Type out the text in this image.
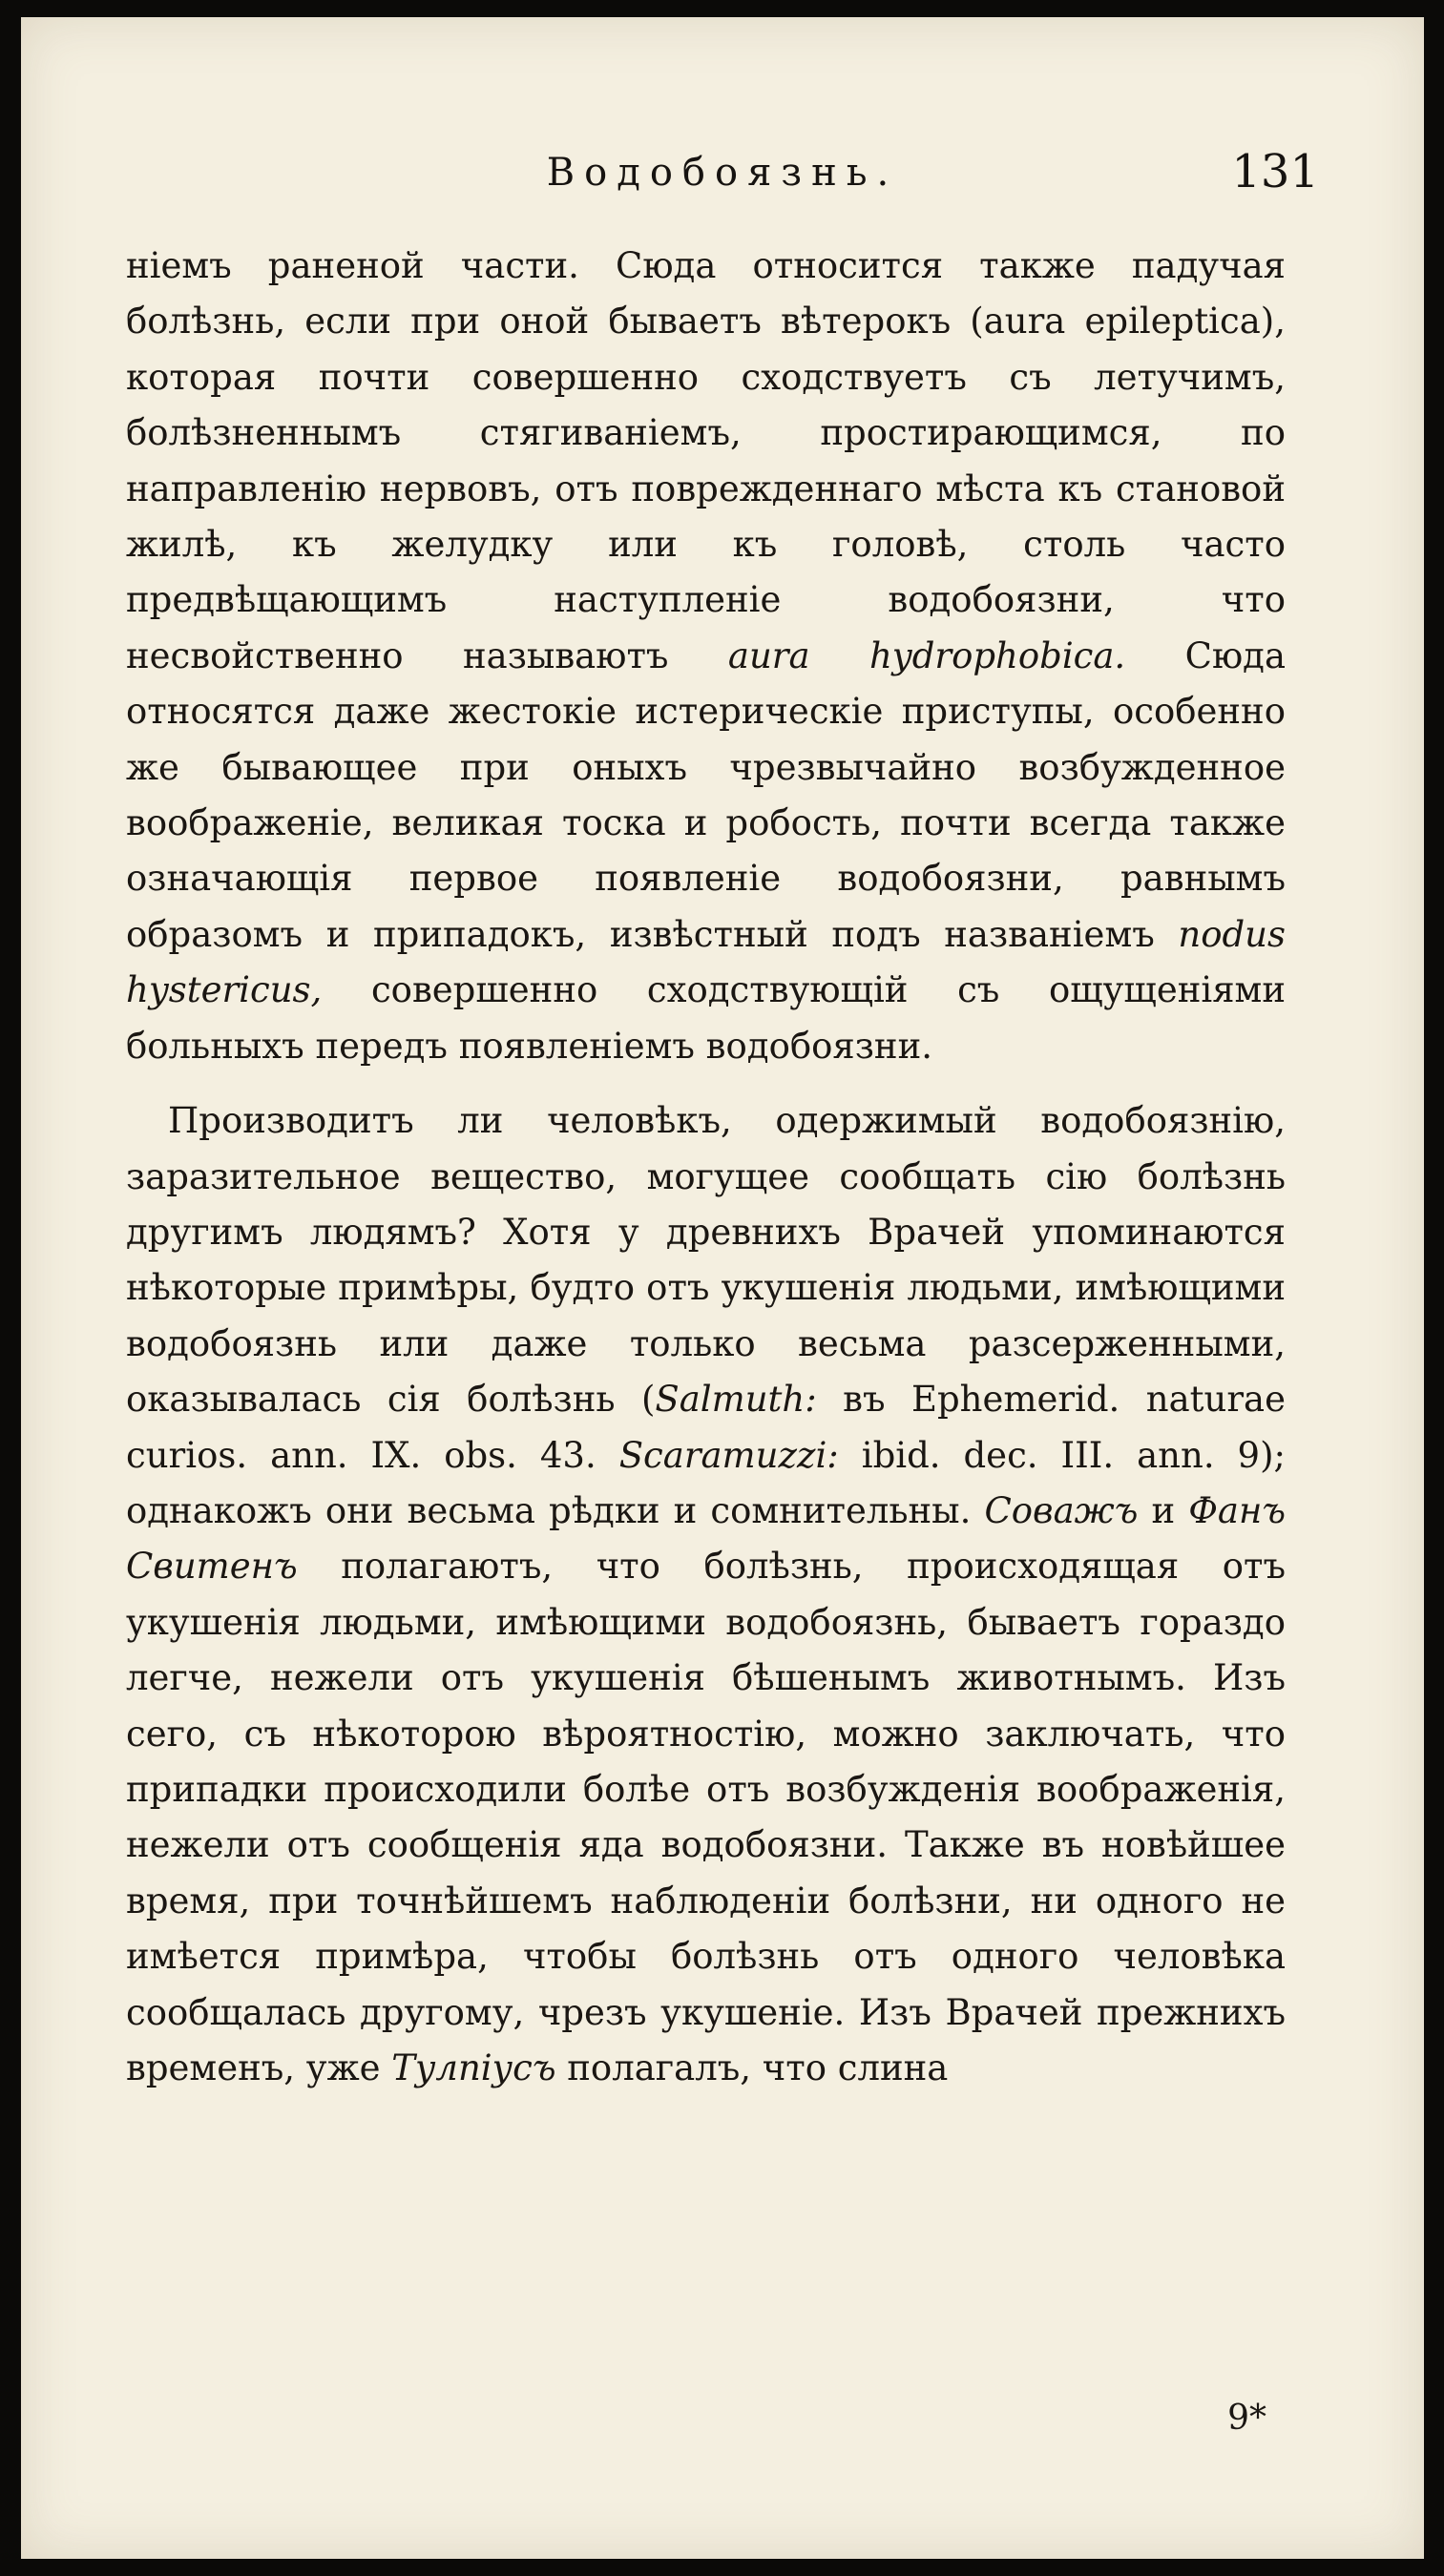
Водобоязнь.	131

ніемъ раненой части. Сюда относится также падучая болѣзнь, если при оной бываетъ вѣтерокъ (aura epileptica), которая почти совершенно сходствуетъ съ летучимъ, болѣзненнымъ стягиваніемъ, простирающимся, по направленію нервовъ, отъ поврежденнаго мѣста къ становой жилѣ, къ желудку или къ головѣ, столь часто предвѣщающимъ наступленіе водобоязни, что несвойственно называютъ aura hydrophobica. Сюда относятся даже жестокіе истерическіе приступы, особенно же бывающее при оныхъ чрезвычайно возбужденное воображеніе, великая тоска и робость, почти всегда также означающія первое появленіе водобоязни, равнымъ образомъ и припадокъ, извѣстный подъ названіемъ nodus hystericus, совершенно сходствующій съ ощущеніями больныхъ передъ появленіемъ водобоязни.

Производитъ ли человѣкъ, одержимый водобоязнію, заразительное вещество, могущее сообщать сію болѣзнь другимъ людямъ? Хотя у древнихъ Врачей упоминаются нѣкоторые примѣры, будто отъ укушенія людьми, имѣющими водобоязнь или даже только весьма разсерженными, оказывалась сія болѣзнь (Salmuth: въ Ephemerid. naturae curios. ann. IX. obs. 43. Scaramuzzi: ibid. dec. III. ann. 9); однакожъ они весьма рѣдки и сомнительны. Соважъ и Фанъ Свитенъ полагаютъ, что болѣзнь, происходящая отъ укушенія людьми, имѣющими водобоязнь, бываетъ гораздо легче, нежели отъ укушенія бѣшенымъ животнымъ. Изъ сего, съ нѣкоторою вѣроятностію, можно заключать, что припадки происходили болѣе отъ возбужденія воображенія, нежели отъ сообщенія яда водобоязни. Также въ новѣйшее время, при точнѣйшемъ наблюденіи болѣзни, ни одного не имѣется примѣра, чтобы болѣзнь отъ одного человѣка сообщалась другому, чрезъ укушеніе. Изъ Врачей прежнихъ временъ, уже Тулпіусъ полагалъ, что слина

9*
